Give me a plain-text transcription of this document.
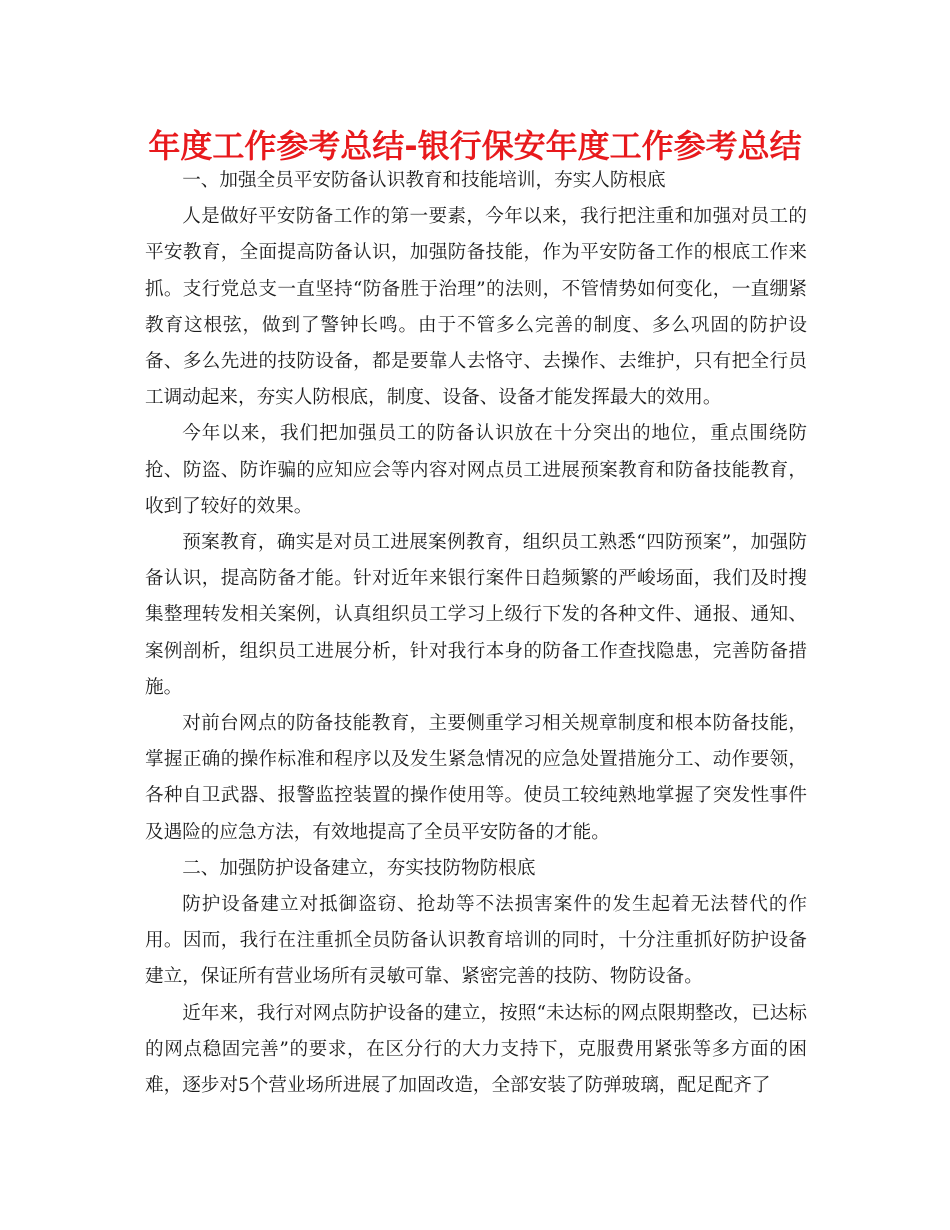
年度工作参考总结-银行保安年度工作参考总结

一、加强全员平安防备认识教育和技能培训，夯实人防根底

人是做好平安防备工作的第一要素，今年以来，我行把注重和加强对员工的平安教育，全面提高防备认识，加强防备技能，作为平安防备工作的根底工作来抓。支行党总支一直坚持“防备胜于治理”的法则，不管情势如何变化，一直绷紧教育这根弦，做到了警钟长鸣。由于不管多么完善的制度、多么巩固的防护设备、多么先进的技防设备，都是要靠人去恪守、去操作、去维护，只有把全行员工调动起来，夯实人防根底，制度、设备、设备才能发挥最大的效用。

今年以来，我们把加强员工的防备认识放在十分突出的地位，重点围绕防抢、防盗、防诈骗的应知应会等内容对网点员工进展预案教育和防备技能教育，收到了较好的效果。

预案教育，确实是对员工进展案例教育，组织员工熟悉“四防预案”，加强防备认识，提高防备才能。针对近年来银行案件日趋频繁的严峻场面，我们及时搜集整理转发相关案例，认真组织员工学习上级行下发的各种文件、通报、通知、案例剖析，组织员工进展分析，针对我行本身的防备工作查找隐患，完善防备措施。

对前台网点的防备技能教育，主要侧重学习相关规章制度和根本防备技能，掌握正确的操作标准和程序以及发生紧急情况的应急处置措施分工、动作要领，各种自卫武器、报警监控装置的操作使用等。使员工较纯熟地掌握了突发性事件及遇险的应急方法，有效地提高了全员平安防备的才能。

二、加强防护设备建立，夯实技防物防根底

防护设备建立对抵御盗窃、抢劫等不法损害案件的发生起着无法替代的作用。因而，我行在注重抓全员防备认识教育培训的同时，十分注重抓好防护设备建立，保证所有营业场所有灵敏可靠、紧密完善的技防、物防设备。

近年来，我行对网点防护设备的建立，按照“未达标的网点限期整改，已达标的网点稳固完善”的要求，在区分行的大力支持下，克服费用紧张等多方面的困难，逐步对5个营业场所进展了加固改造，全部安装了防弹玻璃，配足配齐了
